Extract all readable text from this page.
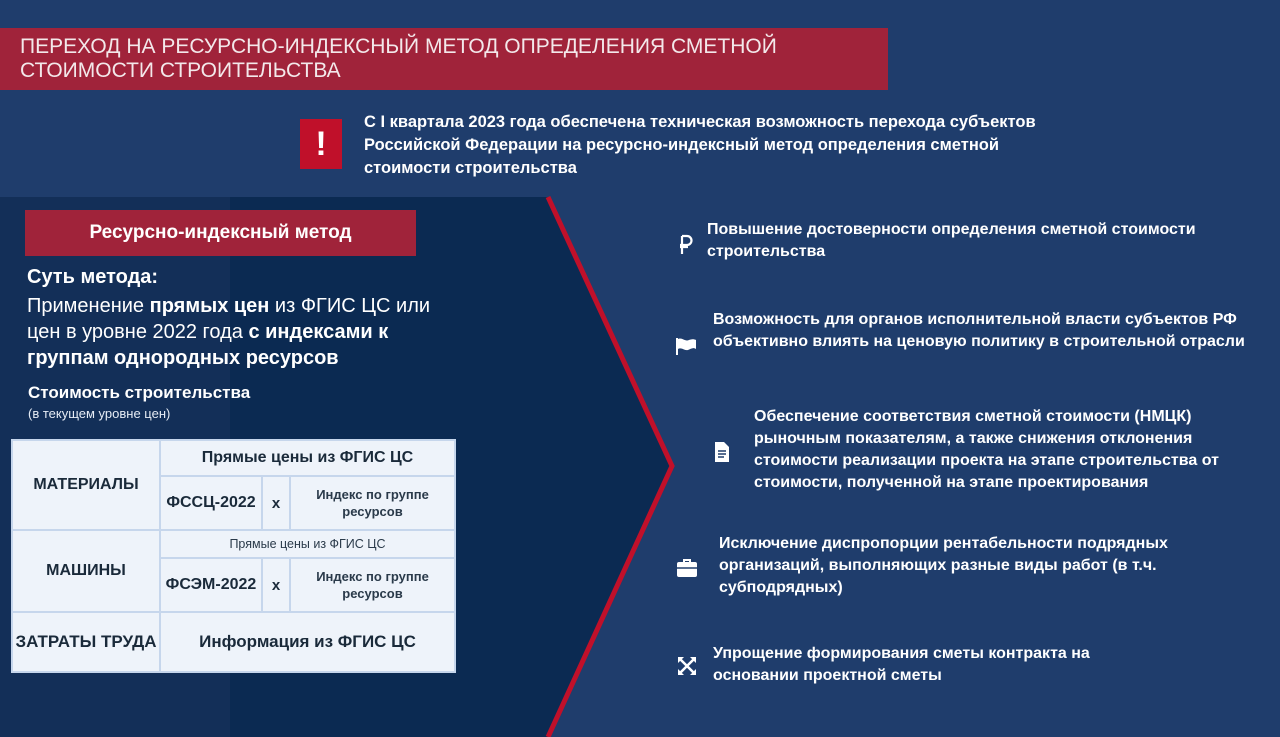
ПЕРЕХОД НА РЕСУРСНО-ИНДЕКСНЫЙ МЕТОД ОПРЕДЕЛЕНИЯ СМЕТНОЙ СТОИМОСТИ СТРОИТЕЛЬСТВА
!
С I квартала 2023 года обеспечена техническая возможность перехода субъектов Российской Федерации на ресурсно-индексный метод определения сметной стоимости строительства
Ресурсно-индексный метод
Суть метода:
Применение прямых цен из ФГИС ЦС или цен в уровне 2022 года с индексами к группам однородных ресурсов
Стоимость строительства
(в текущем уровне цен)
МАТЕРИАЛЫ	Прямые цены из ФГИС ЦС		
	ФССЦ-2022	x	Индекс по группе ресурсов
МАШИНЫ	Прямые цены из ФГИС ЦС		
	ФСЭМ-2022	x	Индекс по группе ресурсов
ЗАТРАТЫ ТРУДА	Информация из ФГИС ЦС		
Повышение достоверности определения сметной стоимости строительства
Возможность для органов исполнительной власти субъектов РФ объективно влиять на ценовую политику в строительной отрасли
Обеспечение соответствия сметной стоимости (НМЦК) рыночным показателям, а также снижения отклонения стоимости реализации проекта на этапе строительства от стоимости, полученной на этапе проектирования
Исключение диспропорции рентабельности подрядных организаций, выполняющих разные виды работ (в т.ч. субподрядных)
Упрощение формирования сметы контракта на основании проектной сметы
